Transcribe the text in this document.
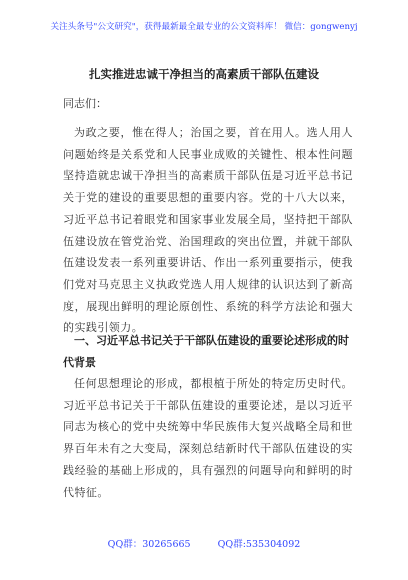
关注头条号"公文研究"，获得最新最全最专业的公文资料库！ 微信：gongwenyj
扎实推进忠诚干净担当的高素质干部队伍建设
同志们：

为政之要，惟在得人；治国之要，首在用人。选人用人问题始终是关系党和人民事业成败的关键性、根本性问题坚持造就忠诚干净担当的高素质干部队伍是习近平总书记关于党的建设的重要思想的重要内容。党的十八大以来，习近平总书记着眼党和国家事业发展全局，坚持把干部队伍建设放在管党治党、治国理政的突出位置，并就干部队伍建设发表一系列重要讲话、作出一系列重要指示，使我们党对马克思主义执政党选人用人规律的认识达到了新高度，展现出鲜明的理论原创性、系统的科学方法论和强大的实践引领力。

一、习近平总书记关于干部队伍建设的重要论述形成的时代背景

任何思想理论的形成，都根植于所处的特定历史时代。习近平总书记关于干部队伍建设的重要论述，是以习近平同志为核心的党中央统筹中华民族伟大复兴战略全局和世界百年未有之大变局，深刻总结新时代干部队伍建设的实践经验的基础上形成的，具有强烈的问题导向和鲜明的时代特征。

QQ群：30265665	QQ群:535304092
